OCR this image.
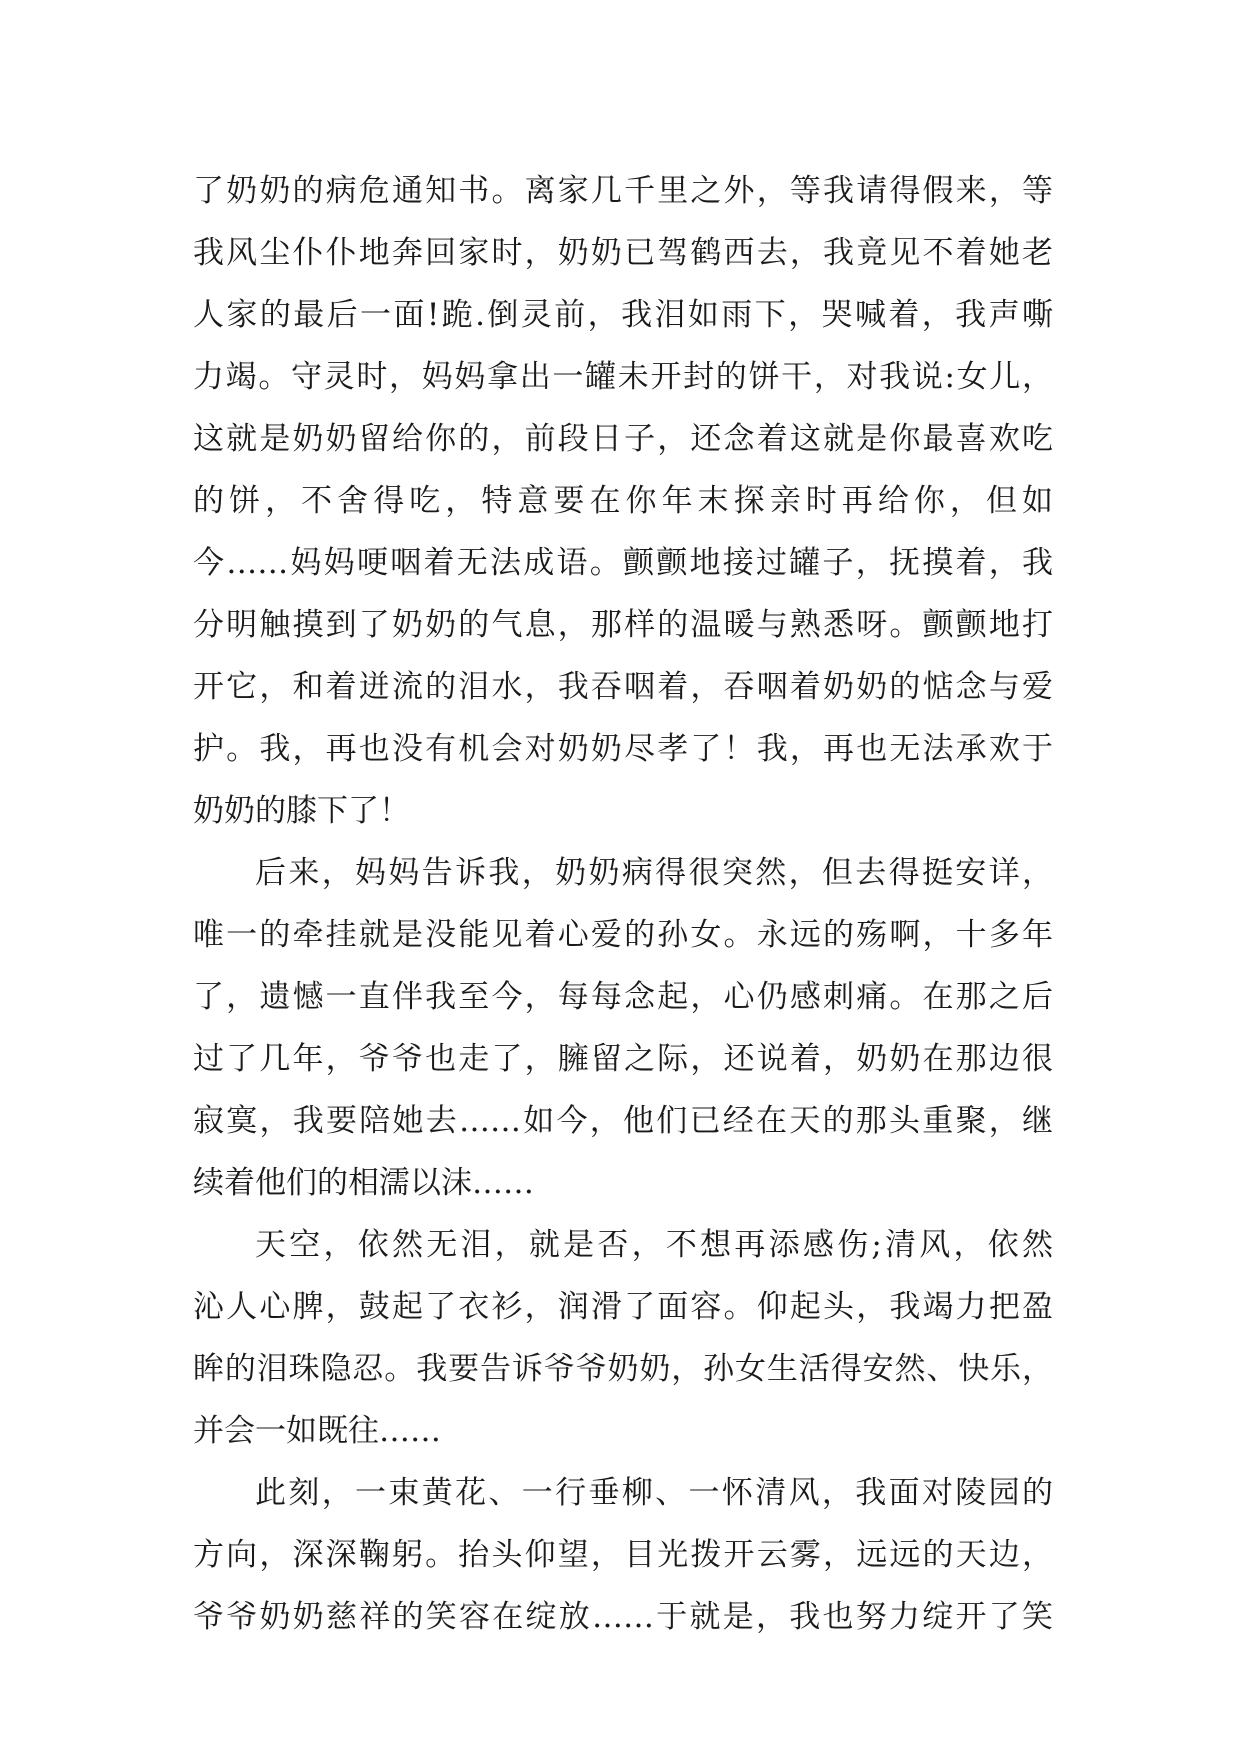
了奶奶的病危通知书。离家几千里之外，等我请得假来，等
我风尘仆仆地奔回家时，奶奶已驾鹤西去，我竟见不着她老
人家的最后一面!跪.倒灵前，我泪如雨下，哭喊着，我声嘶
力竭。守灵时，妈妈拿出一罐未开封的饼干，对我说:女儿，
这就是奶奶留给你的，前段日子，还念着这就是你最喜欢吃
的饼，不舍得吃，特意要在你年末探亲时再给你，但如
今……妈妈哽咽着无法成语。颤颤地接过罐子，抚摸着，我
分明触摸到了奶奶的气息，那样的温暖与熟悉呀。颤颤地打
开它，和着迸流的泪水，我吞咽着，吞咽着奶奶的惦念与爱
护。我，再也没有机会对奶奶尽孝了！我，再也无法承欢于
奶奶的膝下了！
后来，妈妈告诉我，奶奶病得很突然，但去得挺安详，
唯一的牵挂就是没能见着心爱的孙女。永远的殇啊，十多年
了，遗憾一直伴我至今，每每念起，心仍感刺痛。在那之后
过了几年，爷爷也走了，臃留之际，还说着，奶奶在那边很
寂寞，我要陪她去……如今，他们已经在天的那头重聚，继
续着他们的相濡以沫……
天空，依然无泪，就是否，不想再添感伤;清风，依然
沁人心脾，鼓起了衣衫，润滑了面容。仰起头，我竭力把盈
眸的泪珠隐忍。我要告诉爷爷奶奶，孙女生活得安然、快乐，
并会一如既往……
此刻，一束黄花、一行垂柳、一怀清风，我面对陵园的
方向，深深鞠躬。抬头仰望，目光拨开云雾，远远的天边，
爷爷奶奶慈祥的笑容在绽放……于就是，我也努力绽开了笑
